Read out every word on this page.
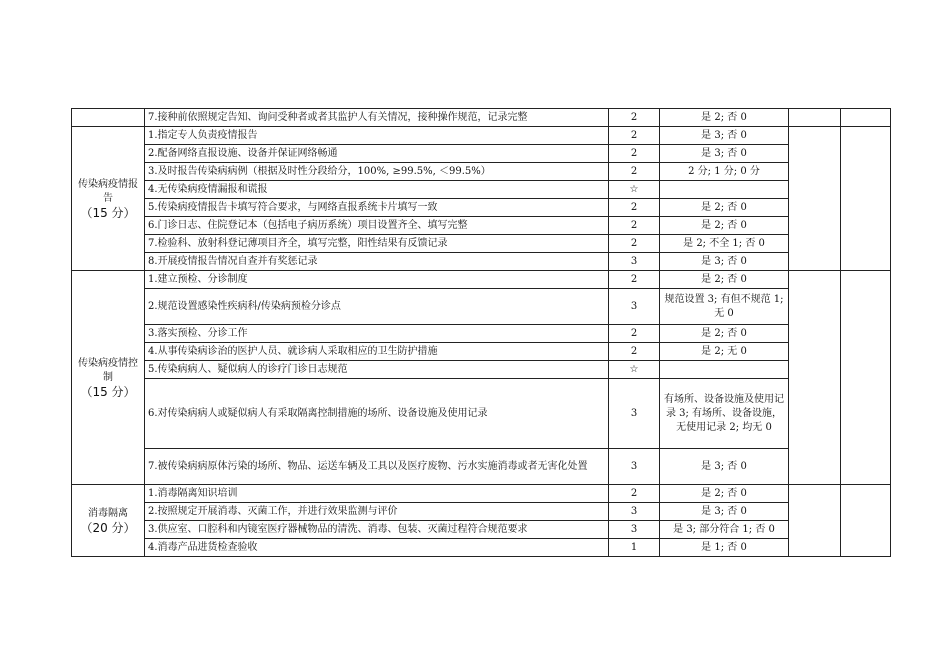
	7.接种前依照规定告知、询问受种者或者其监护人有关情况，接种操作规范，记录完整	2	是 2; 否 0		
传染病疫情报告
（15 分）	1.指定专人负责疫情报告	2	是 3; 否 0		
	2.配备网络直报设施、设备并保证网络畅通	2	是 3; 否 0		
	3.及时报告传染病病例（根据及时性分段给分，100%, ≥99.5%, ＜99.5%）	2	2 分; 1 分; 0 分		
	4.无传染病疫情漏报和谎报	☆			
	5.传染病疫情报告卡填写符合要求，与网络直报系统卡片填写一致	2	是 2; 否 0		
	6.门诊日志、住院登记本（包括电子病历系统）项目设置齐全、填写完整	2	是 2; 否 0		
	7.检验科、放射科登记薄项目齐全，填写完整，阳性结果有反馈记录	2	是 2; 不全 1; 否 0		
	8.开展疫情报告情况自查并有奖惩记录	3	是 3; 否 0		
传染病疫情控制
（15 分）	1.建立预检、分诊制度	2	是 2; 否 0		
	2.规范设置感染性疾病科/传染病预检分诊点	3	规范设置 3; 有但不规范 1; 无 0		
	3.落实预检、分诊工作	2	是 2; 否 0		
	4.从事传染病诊治的医护人员、就诊病人采取相应的卫生防护措施	2	是 2; 无 0		
	5.传染病病人、疑似病人的诊疗门诊日志规范	☆			
	6.对传染病病人或疑似病人有采取隔离控制措施的场所、设备设施及使用记录	3	有场所、设备设施及使用记录 3; 有场所、设备设施，无使用记录 2; 均无 0		
	7.被传染病病原体污染的场所、物品、运送车辆及工具以及医疗废物、污水实施消毒或者无害化处置	3	是 3; 否 0		
消毒隔离
（20 分）	1.消毒隔离知识培训	2	是 2; 否 0		
	2.按照规定开展消毒、灭菌工作，并进行效果监测与评价	3	是 3; 否 0		
	3.供应室、口腔科和内镜室医疗器械物品的清洗、消毒、包装、灭菌过程符合规范要求	3	是 3; 部分符合 1; 否 0		
	4.消毒产品进货检查验收	1	是 1; 否 0		
